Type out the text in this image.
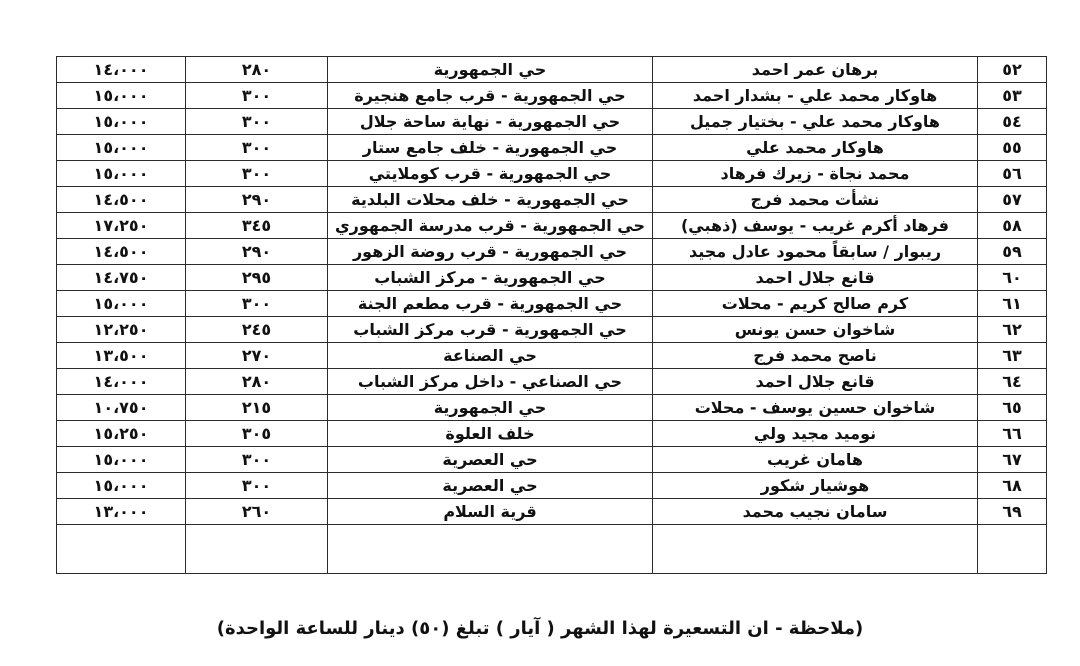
٥٢	برهان عمر احمد	حي الجمهورية	٢٨٠	١٤،٠٠٠
٥٣	هاوكار محمد علي - بشدار احمد	حي الجمهورية - قرب جامع هنجيرة	٣٠٠	١٥،٠٠٠
٥٤	هاوكار محمد علي - بختيار جميل	حي الجمهورية - نهاية ساحة جلال	٣٠٠	١٥،٠٠٠
٥٥	هاوكار محمد علي	حي الجمهورية - خلف جامع ستار	٣٠٠	١٥،٠٠٠
٥٦	محمد نجاة - زيرك فرهاد	حي الجمهورية - قرب كوملايتي	٣٠٠	١٥،٠٠٠
٥٧	نشأت محمد فرج	حي الجمهورية - خلف محلات البلدية	٢٩٠	١٤،٥٠٠
٥٨	فرهاد أكرم غريب - يوسف (ذهبي)	حي الجمهورية - قرب مدرسة الجمهوري	٣٤٥	١٧،٢٥٠
٥٩	ريبوار / سابقاً محمود عادل مجيد	حي الجمهورية - قرب روضة الزهور	٢٩٠	١٤،٥٠٠
٦٠	قانع جلال احمد	حي الجمهورية - مركز الشباب	٢٩٥	١٤،٧٥٠
٦١	كرم صالح كريم - محلات	حي الجمهورية - قرب مطعم الجنة	٣٠٠	١٥،٠٠٠
٦٢	شاخوان حسن يونس	حي الجمهورية - قرب مركز الشباب	٢٤٥	١٢،٢٥٠
٦٣	ناصح محمد فرج	حي الصناعة	٢٧٠	١٣،٥٠٠
٦٤	قانع جلال احمد	حي الصناعي - داخل مركز الشباب	٢٨٠	١٤،٠٠٠
٦٥	شاخوان حسين يوسف - محلات	حي الجمهورية	٢١٥	١٠،٧٥٠
٦٦	نوميد مجيد ولي	خلف العلوة	٣٠٥	١٥،٢٥٠
٦٧	هامان غريب	حي العصرية	٣٠٠	١٥،٠٠٠
٦٨	هوشيار شكور	حي العصرية	٣٠٠	١٥،٠٠٠
٦٩	سامان نجيب محمد	قرية السلام	٢٦٠	١٣،٠٠٠

(ملاحظة - ان التسعيرة لهذا الشهر ( آيار ) تبلغ (٥٠) دينار للساعة الواحدة)
